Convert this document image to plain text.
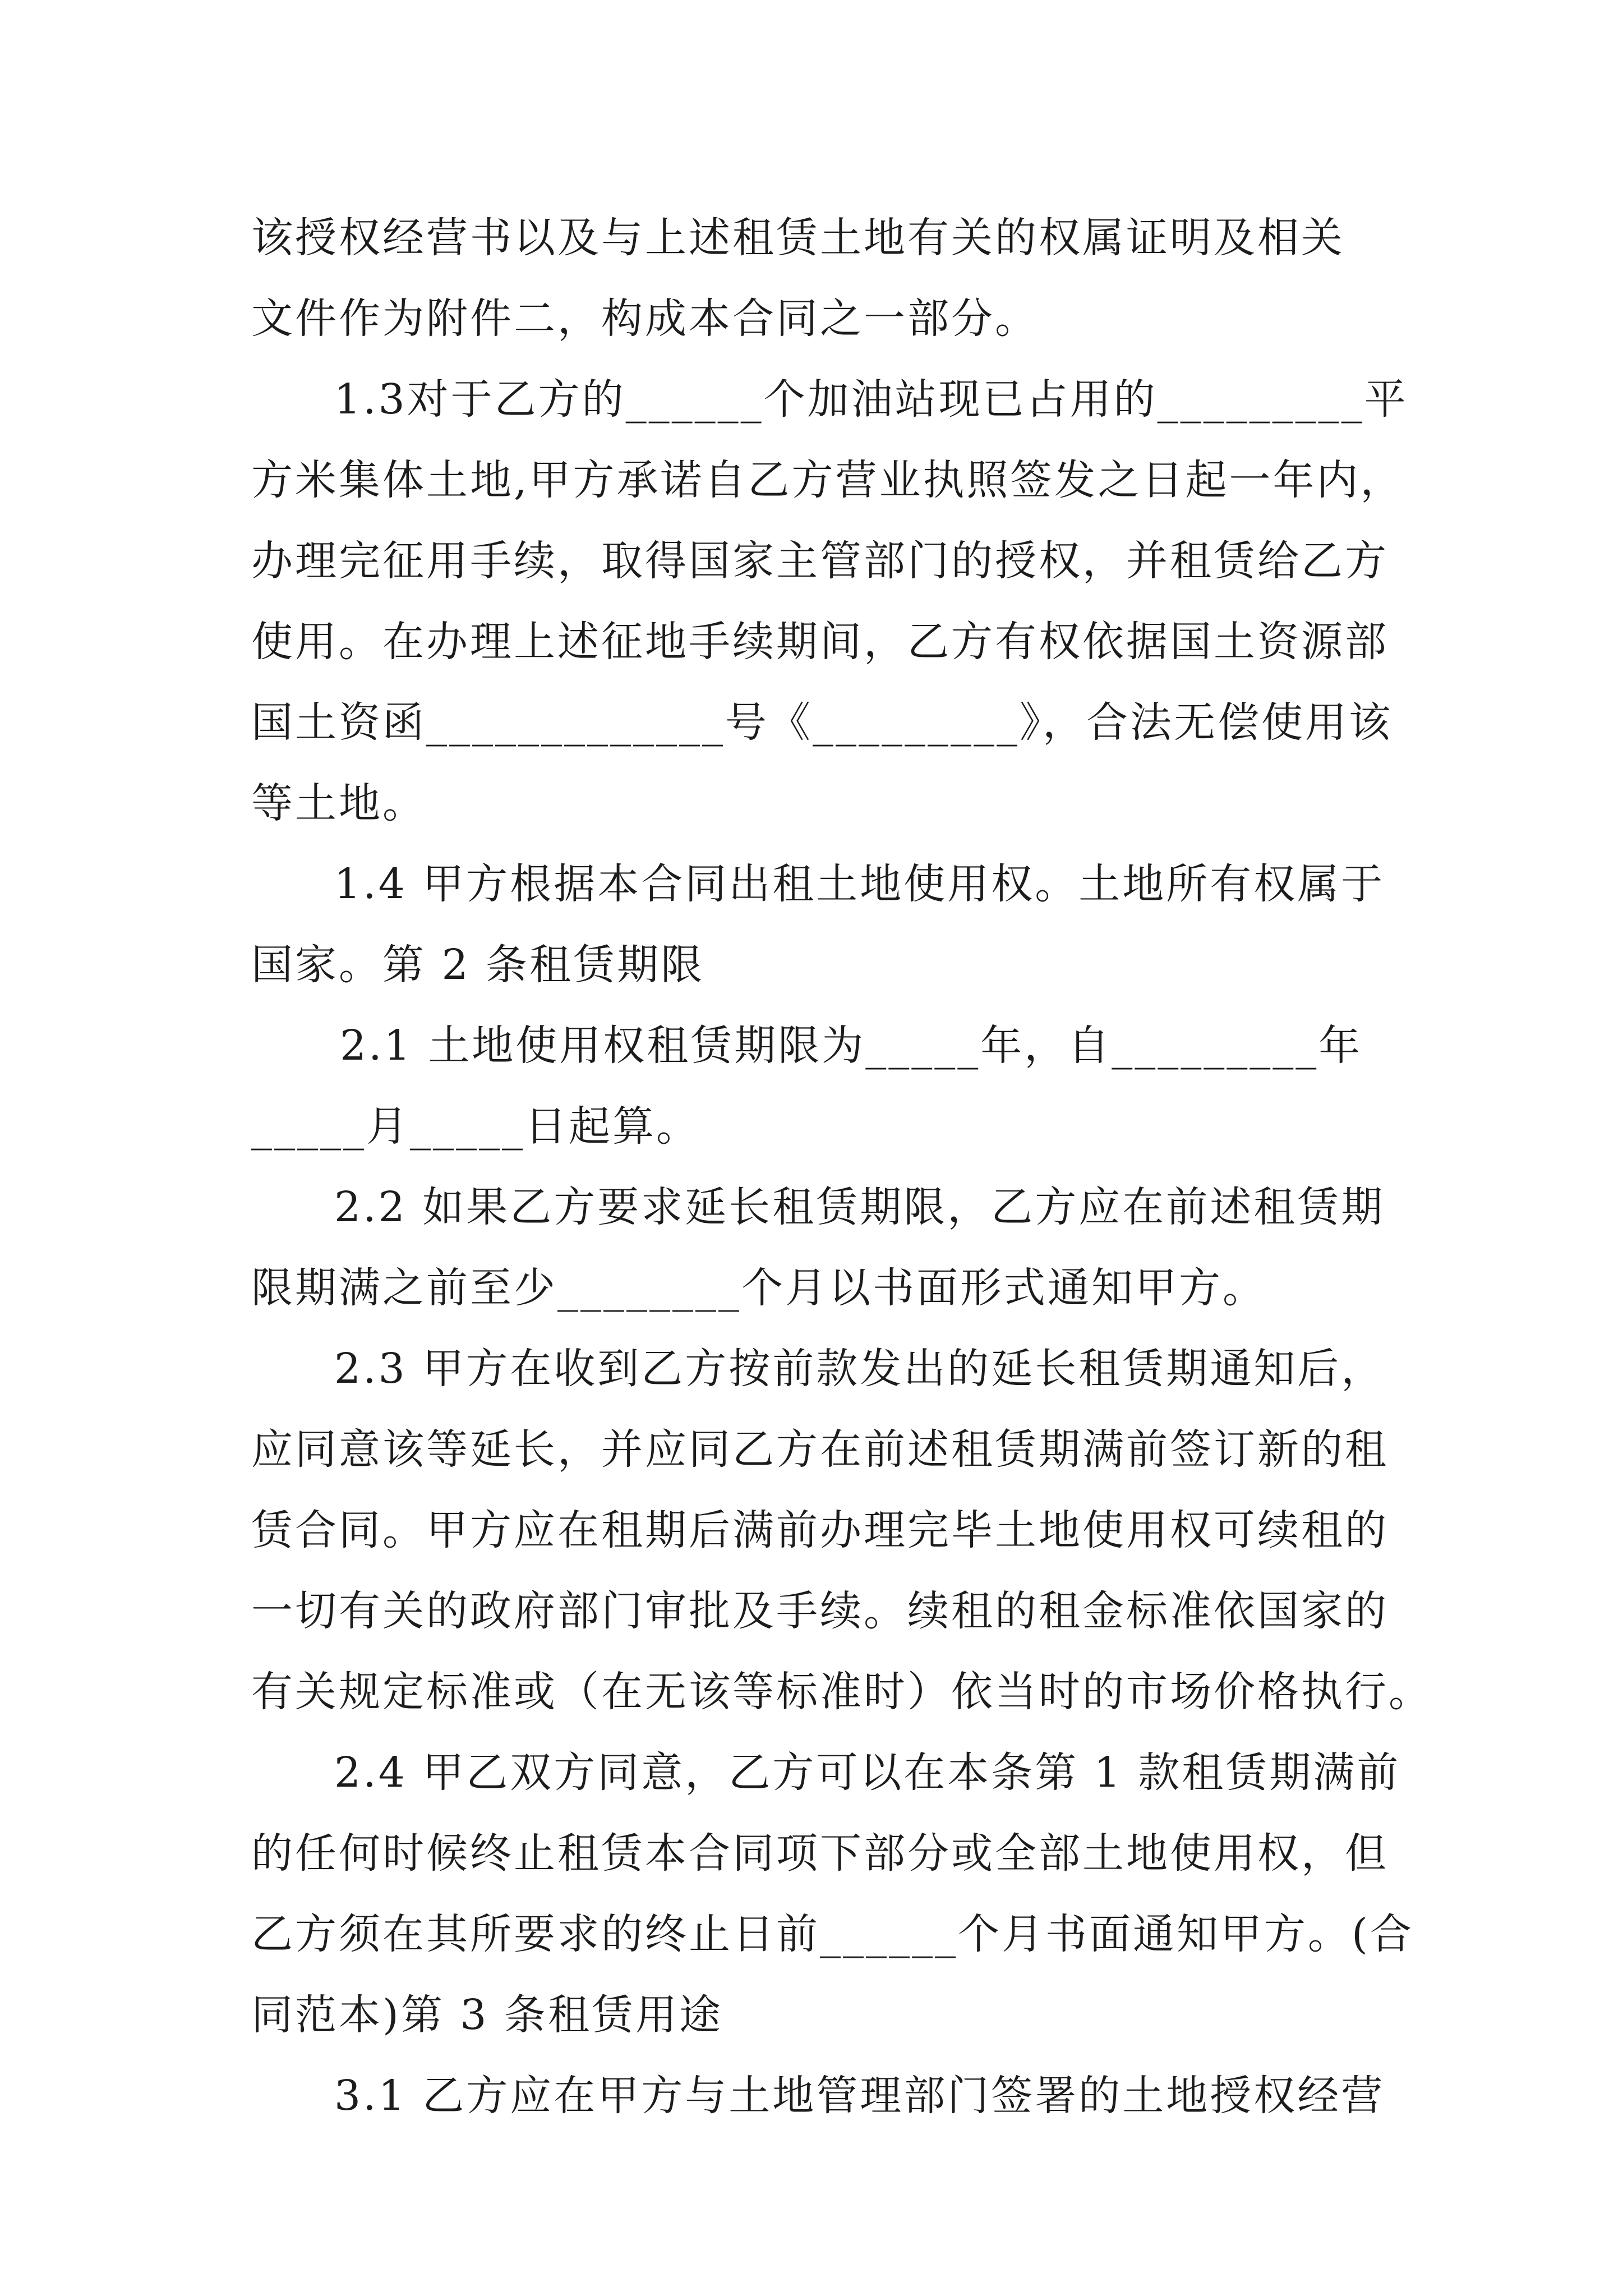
该授权经营书以及与上述租赁土地有关的权属证明及相关
文件作为附件二，构成本合同之一部分。
1.3对于乙方的______个加油站现已占用的_________平
方米集体土地,甲方承诺自乙方营业执照签发之日起一年内，
办理完征用手续，取得国家主管部门的授权，并租赁给乙方
使用。在办理上述征地手续期间，乙方有权依据国土资源部
国土资函_____________号《_________》，合法无偿使用该
等土地。
1.4 甲方根据本合同出租土地使用权。土地所有权属于
国家。第 2 条租赁期限
2.1 土地使用权租赁期限为_____年，自_________年
_____月_____日起算。
2.2 如果乙方要求延长租赁期限，乙方应在前述租赁期
限期满之前至少________个月以书面形式通知甲方。
2.3 甲方在收到乙方按前款发出的延长租赁期通知后，
应同意该等延长，并应同乙方在前述租赁期满前签订新的租
赁合同。甲方应在租期后满前办理完毕土地使用权可续租的
一切有关的政府部门审批及手续。续租的租金标准依国家的
有关规定标准或（在无该等标准时）依当时的市场价格执行。
2.4 甲乙双方同意，乙方可以在本条第 1 款租赁期满前
的任何时候终止租赁本合同项下部分或全部土地使用权，但
乙方须在其所要求的终止日前______个月书面通知甲方。(合
同范本)第 3 条租赁用途
3.1 乙方应在甲方与土地管理部门签署的土地授权经营
